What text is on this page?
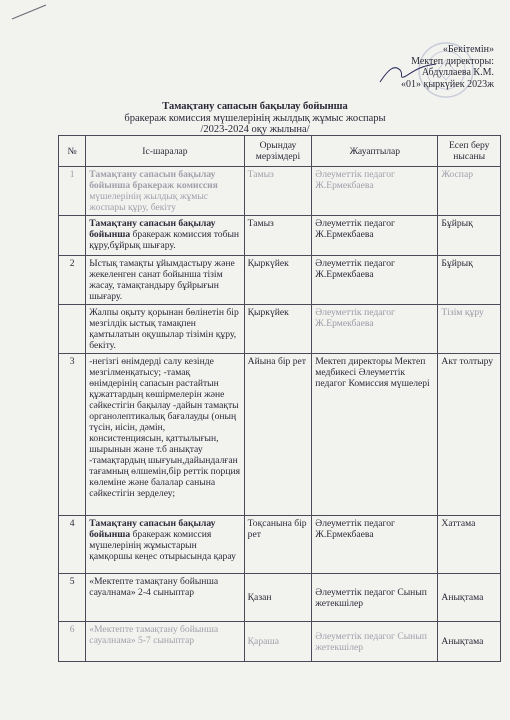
«Бекітемін»
Мектеп директоры:
Абдуллаева К.М.
«01» қыркүйек 2023ж
Тамақтану сапасын бақылау бойынша
бракераж комиссия мүшелерінің жылдық жұмыс жоспары
/2023-2024 оқу жылына/
№	Іс-шаралар	Орындау мерзімдері	Жауаптылар	Есеп беру нысаны
1	Тамақтану сапасын бақылау бойынша бракераж комиссия мүшелерінің жылдық жұмыс жоспары құру, бекіту	Тамыз	Әлеуметтік педагог Ж.Ермекбаева	Жоспар
	Тамақтану сапасын бақылау бойынша бракераж комиссия тобын құру,бұйрық шығару.	Тамыз	Әлеуметтік педагог Ж.Ермекбаева	Бұйрық
2	Ыстық тамақты ұйымдастыру және жекеленген санат бойынша тізім жасау, тамақтандыру бұйрығын шығару.	Қыркүйек	Әлеуметтік педагог Ж.Ермекбаева	Бұйрық
	Жалпы оқыту қорынан бөлінетін бір мезгілдік ыстық тамақпен қамтылатын оқушылар тізімін құру, бекіту.	Қыркүйек	Әлеуметтік педагог Ж.Ермекбаева	Тізім құру
3	-негізгі өнімдерді салу кезінде мезгілменқатысу; -тамақ өнімдерінің сапасын растайтын құжаттардың көшірмелерін және сәйкестігін бақылау -дайын тамақты органолептикалық бағалауды (оның түсін, иісін, дәмін, консистенциясын, қаттылығын, шырынын және т.б анықтау -тамақтардың шығуын,дайындалған тағамның өлшемін,бір реттік порция көлеміне және балалар санына сәйкестігін зерделеу;	Айына бір рет	Мектеп директоры Мектеп медбикесі Әлеуметтік педагог Комиссия мүшелері	Акт толтыру
4	Тамақтану сапасын бақылау бойынша бракераж комиссия мүшелерінің жұмыстарын қамқоршы кеңес отырысында қарау	Тоқсанына бір рет	Әлеуметтік педагог Ж.Ермекбаева	Хаттама
5	«Мектепте тамақтану бойынша сауалнама» 2-4 сыныптар	Қазан	Әлеуметтік педагог Сынып жетекшілер	Анықтама
6	«Мектепте тамақтану бойынша сауалнама» 5-7 сыныптар	Қараша	Әлеуметтік педагог Сынып жетекшілер	Анықтама
